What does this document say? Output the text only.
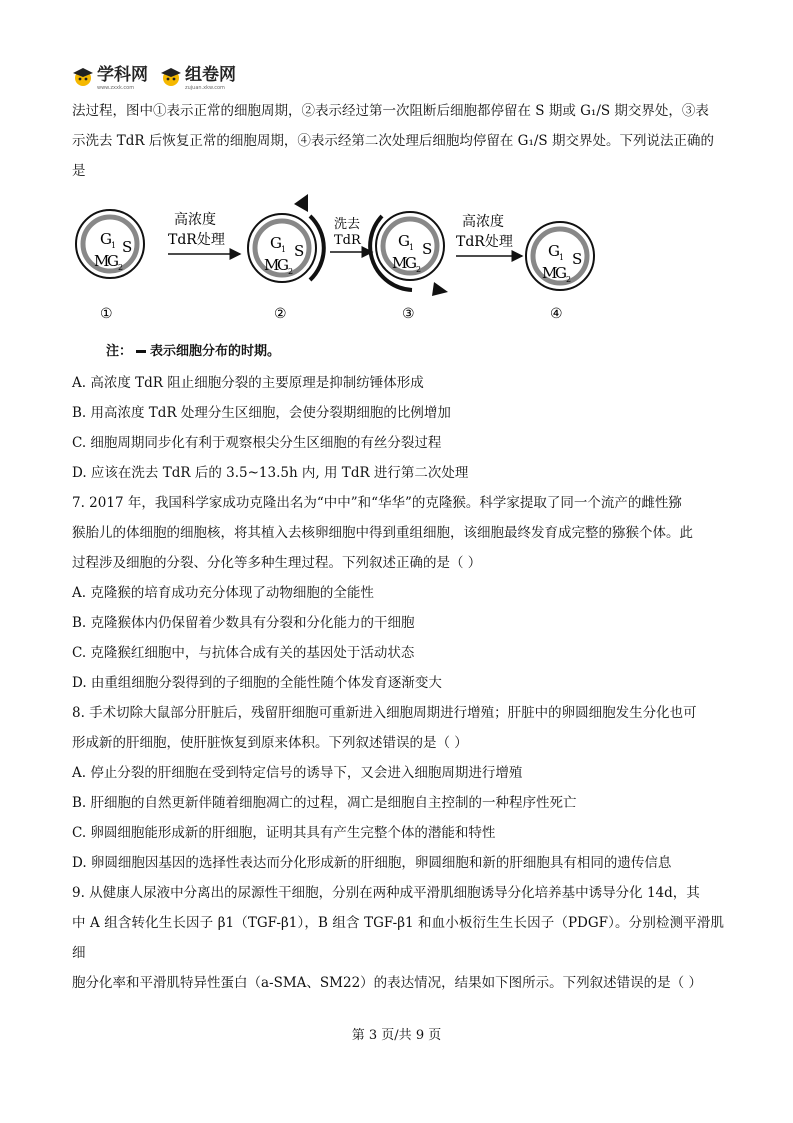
学科网
www.zxxk.com
组卷网
zujuan.xkw.com

法过程，图中①表示正常的细胞周期，②表示经过第一次阻断后细胞都停留在 S 期或 G₁/S 期交界处，③表

示洗去 TdR 后恢复正常的细胞周期，④表示经第二次处理后细胞均停留在 G₁/S 期交界处。下列说法正确的

是

G 1 S
M
G 2
①
高浓度
TdR处理	G 1 S
M
G 2
②
洗去
TdR G 1 S
M
G 2
③
高浓度
TdR处理 G 1 S
M
G 2
④

注： 表示细胞分布的时期。

A. 高浓度 TdR 阻止细胞分裂的主要原理是抑制纺锤体形成

B. 用高浓度 TdR 处理分生区细胞，会使分裂期细胞的比例增加

C. 细胞周期同步化有利于观察根尖分生区细胞的有丝分裂过程

D. 应该在洗去 TdR 后的 3.5~13.5h 内, 用 TdR 进行第二次处理

7. 2017 年，我国科学家成功克隆出名为“中中”和“华华”的克隆猴。科学家提取了同一个流产的雌性猕

猴胎儿的体细胞的细胞核，将其植入去核卵细胞中得到重组细胞，该细胞最终发育成完整的猕猴个体。此

过程涉及细胞的分裂、分化等多种生理过程。下列叙述正确的是（ ）

A. 克隆猴的培育成功充分体现了动物细胞的全能性

B. 克隆猴体内仍保留着少数具有分裂和分化能力的干细胞

C. 克隆猴红细胞中，与抗体合成有关的基因处于活动状态

D. 由重组细胞分裂得到的子细胞的全能性随个体发育逐渐变大

8. 手术切除大鼠部分肝脏后，残留肝细胞可重新进入细胞周期进行增殖；肝脏中的卵圆细胞发生分化也可

形成新的肝细胞，使肝脏恢复到原来体积。下列叙述错误的是（ ）

A. 停止分裂的肝细胞在受到特定信号的诱导下，又会进入细胞周期进行增殖

B. 肝细胞的自然更新伴随着细胞凋亡的过程，凋亡是细胞自主控制的一种程序性死亡

C. 卵圆细胞能形成新的肝细胞，证明其具有产生完整个体的潜能和特性

D. 卵圆细胞因基因的选择性表达而分化形成新的肝细胞，卵圆细胞和新的肝细胞具有相同的遗传信息

9. 从健康人尿液中分离出的尿源性干细胞，分别在两种成平滑肌细胞诱导分化培养基中诱导分化 14d，其

中 A 组含转化生长因子 β1（TGF-β1），B 组含 TGF-β1 和血小板衍生生长因子（PDGF）。分别检测平滑肌细

胞分化率和平滑肌特异性蛋白（a-SMA、SM22）的表达情况，结果如下图所示。下列叙述错误的是（ ）

第 3 页/共 9 页
